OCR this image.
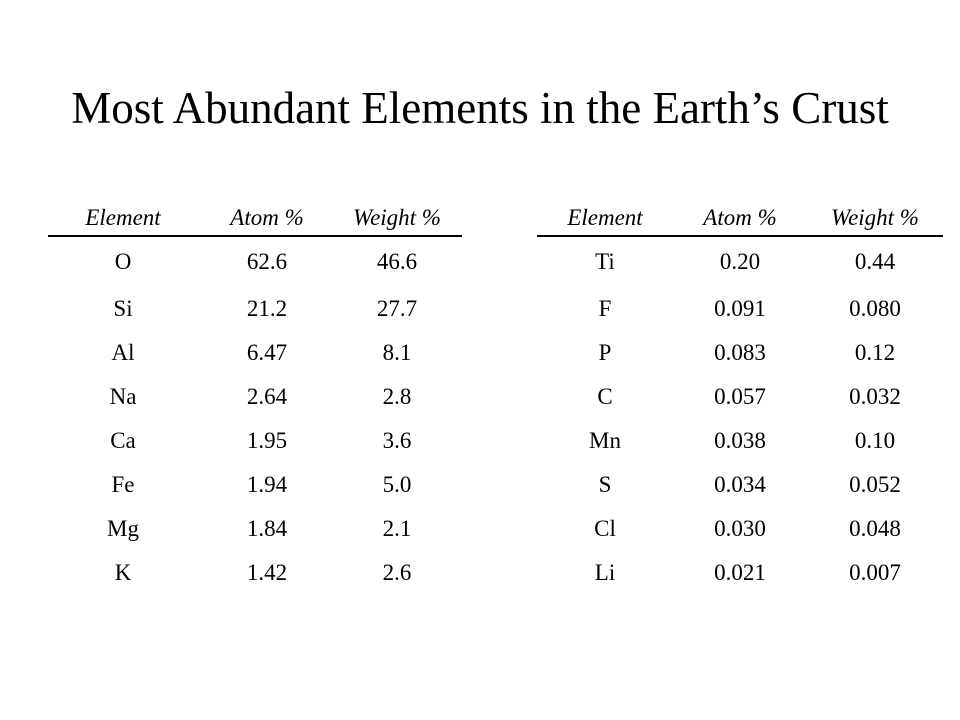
Most Abundant Elements in the Earth’s Crust
Element	Atom %	Weight %
O	62.6	46.6
Si	21.2	27.7
Al	6.47	8.1
Na	2.64	2.8
Ca	1.95	3.6
Fe	1.94	5.0
Mg	1.84	2.1
K	1.42	2.6
Element	Atom %	Weight %
Ti	0.20	0.44
F	0.091	0.080
P	0.083	0.12
C	0.057	0.032
Mn	0.038	0.10
S	0.034	0.052
Cl	0.030	0.048
Li	0.021	0.007
